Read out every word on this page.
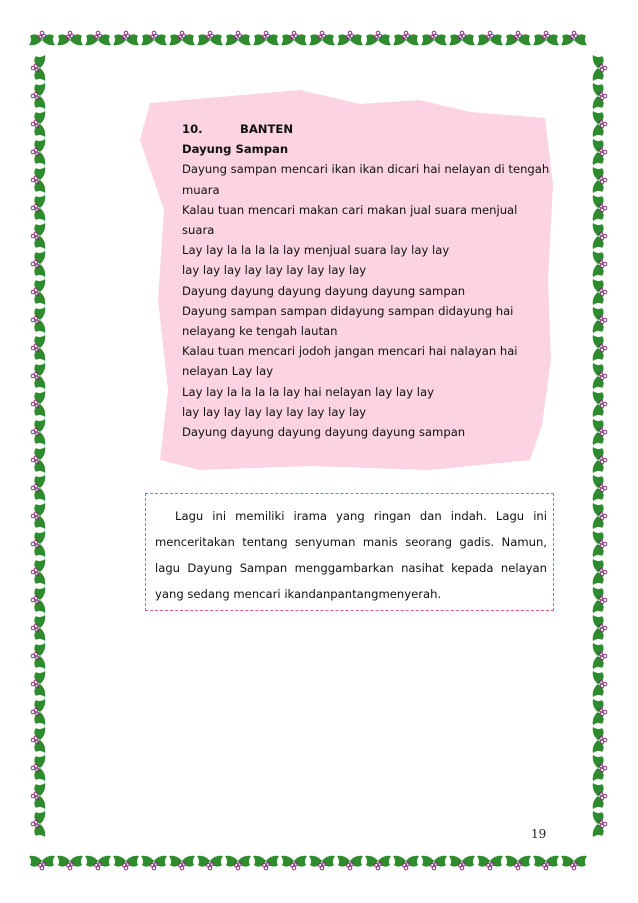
10.	BANTEN
Dayung Sampan
Dayung sampan mencari ikan ikan dicari hai nelayan di tengah
muara
Kalau tuan mencari makan cari makan jual suara menjual
suara
Lay lay la la la la lay menjual suara lay lay lay
lay lay lay lay lay lay lay lay lay
Dayung dayung dayung dayung dayung sampan
Dayung sampan sampan didayung sampan didayung hai
nelayang ke tengah lautan
Kalau tuan mencari jodoh jangan mencari hai nalayan hai
nelayan Lay lay
Lay lay la la la la lay hai nelayan lay lay lay
lay lay lay lay lay lay lay lay lay
Dayung dayung dayung dayung dayung sampan
Lagu ini memiliki irama yang ringan dan indah. Lagu ini menceritakan tentang senyuman manis seorang gadis. Namun, lagu Dayung Sampan menggambarkan nasihat kepada nelayan yang sedang mencari ikandanpantangmenyerah.
19
